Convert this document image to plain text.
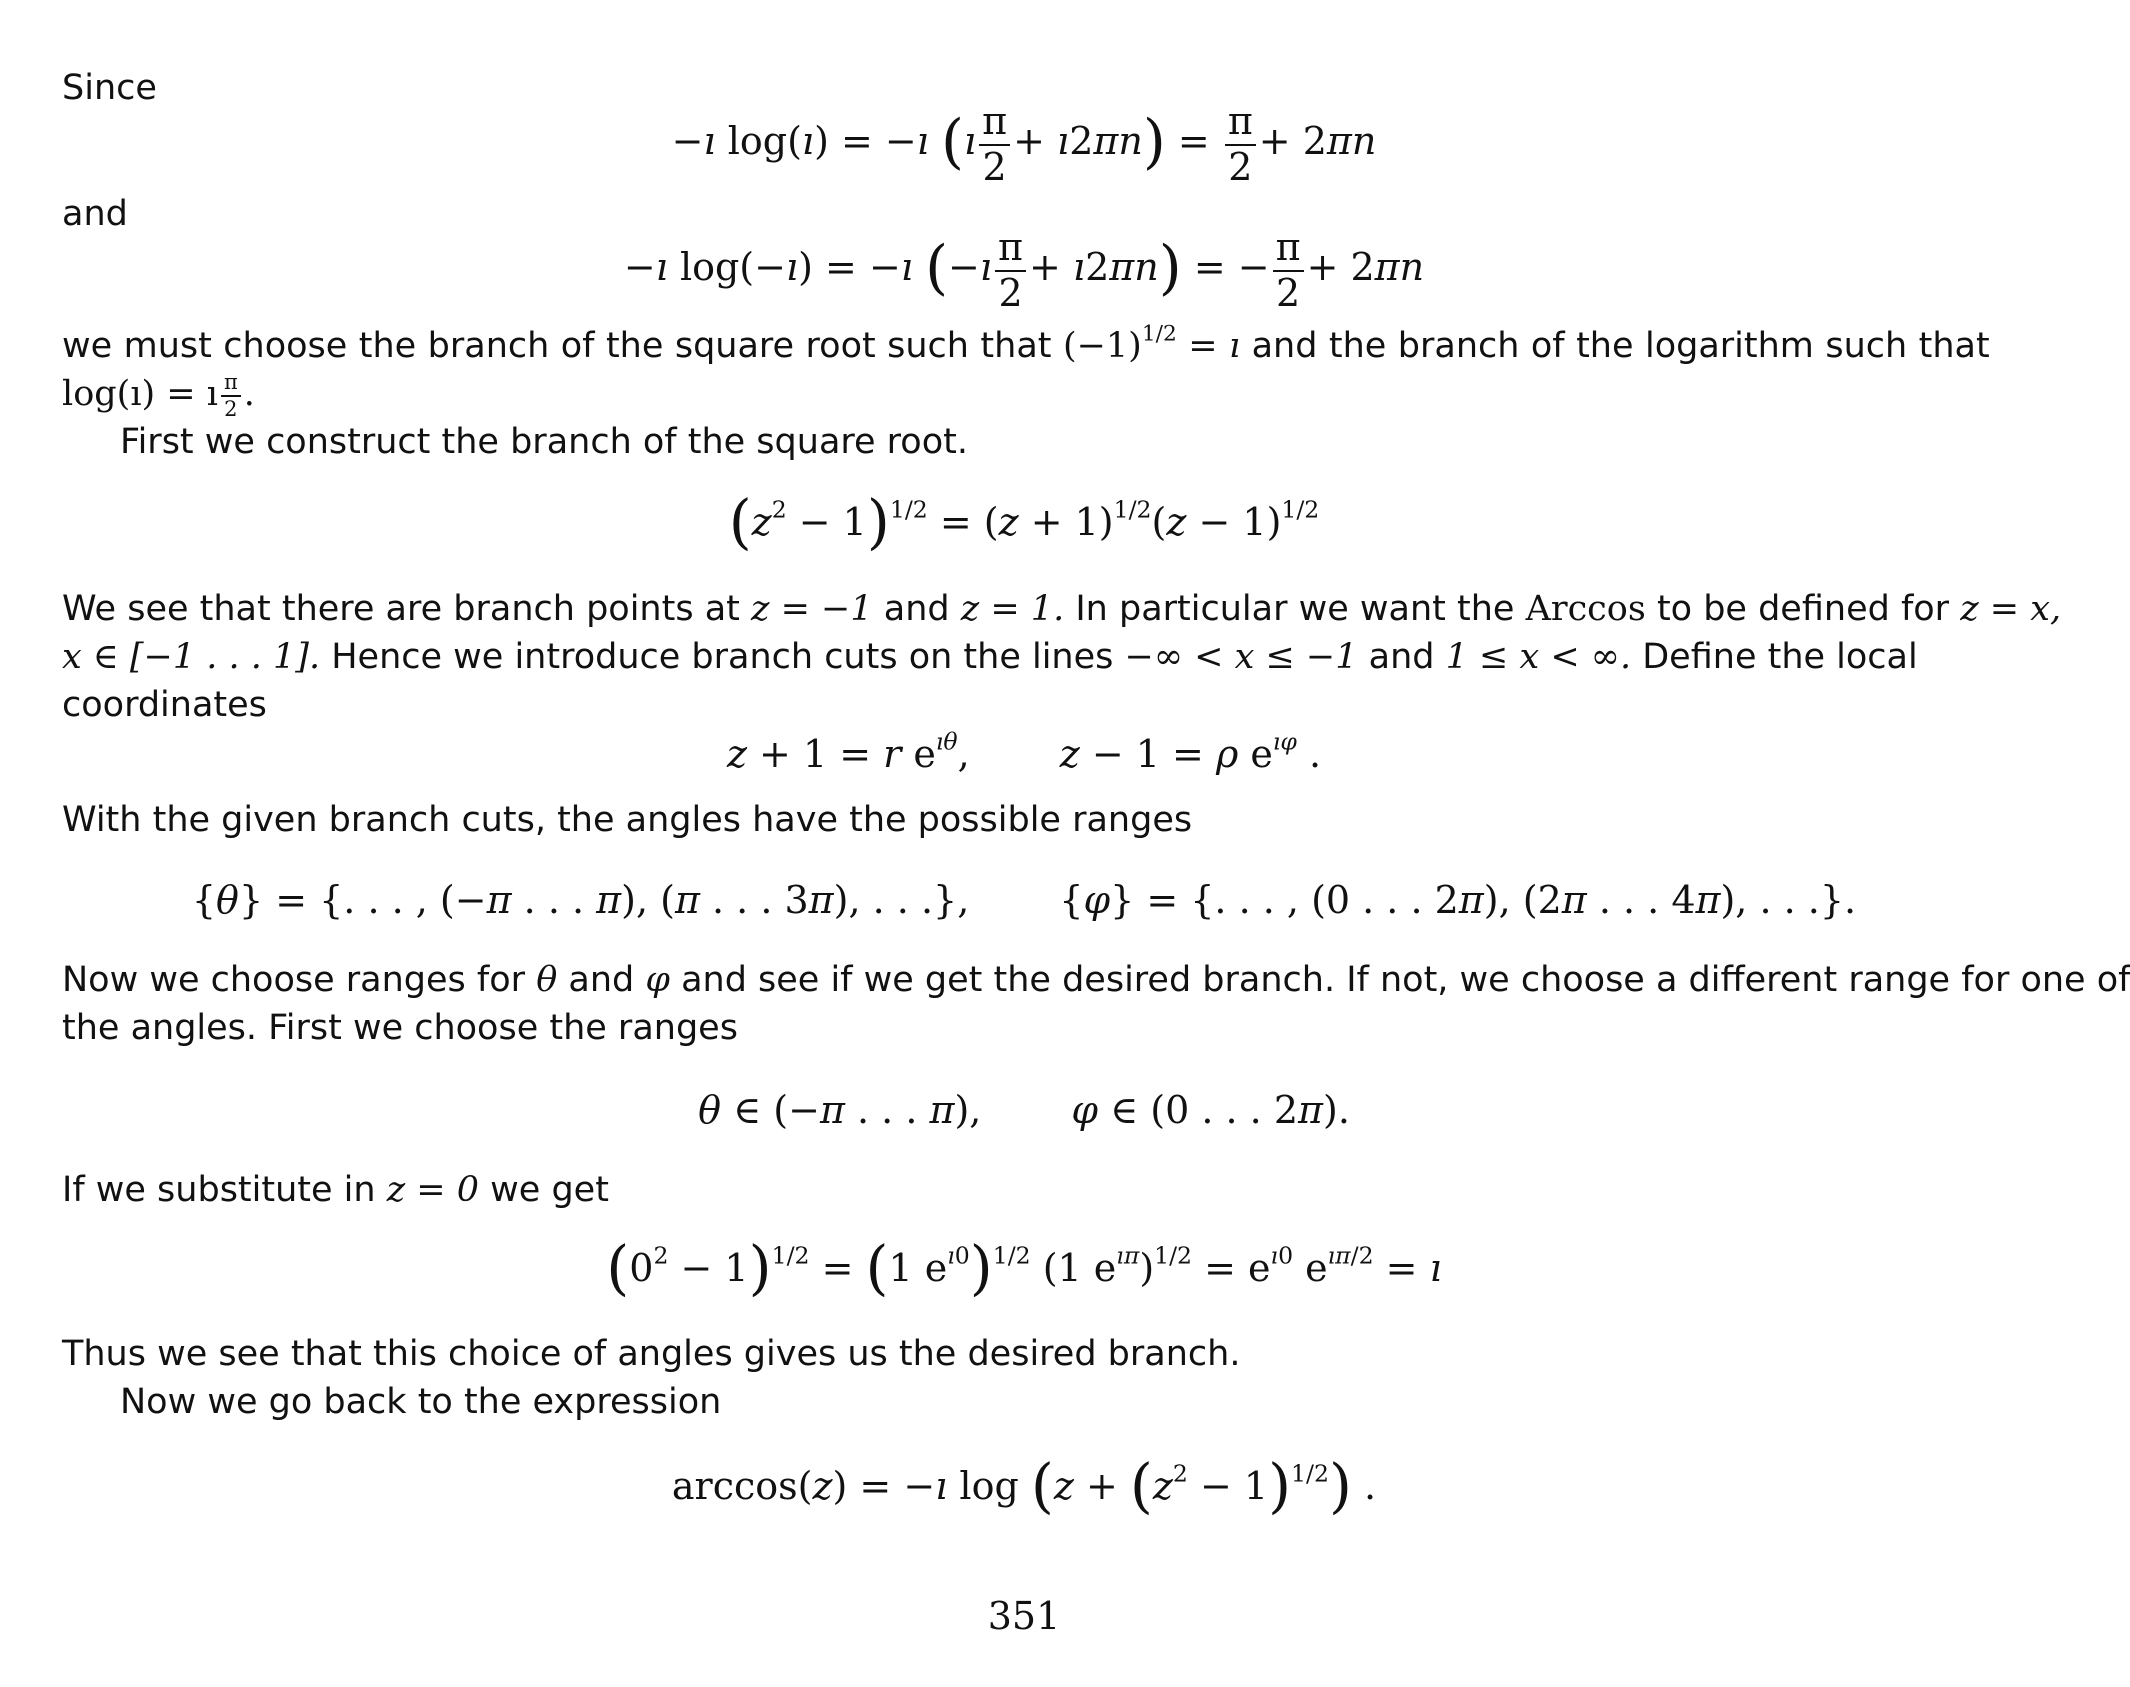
Since
−ı log(ı) = −ı (ı $\frac{\pi}{2}$ + ı2πn) = $\frac{\pi}{2} + 2\pi n$
and
−ı log(−ı) = −ı (−ı $\frac{\pi}{2}$ + ı2πn) = − $\frac{\pi}{2} + 2\pi n$
we must choose the branch of the square root such that $(-1)^{1/2}$ = ı and the branch of the logarithm such that
log(ı) = ı $\frac{\pi}{2}$ .
First we construct the branch of the square root.
$(z^2 - 1)^{1/2} = (z + 1)^{1/2}(z - 1)^{1/2}$
We see that there are branch points at z = −1 and z = 1. In particular we want the Arccos to be defined for z = x,
x ∈ [−1 . . . 1]. Hence we introduce branch cuts on the lines −∞ < x ≤ −1 and 1 ≤ x < ∞. Define the local
coordinates
z + 1 = r $e^{ı\theta}$, z − 1 = ρ $e^{ı\varphi}$ .
With the given branch cuts, the angles have the possible ranges
{θ} = {. . . , (−π . . . π), (π . . . 3π), . . .}, {φ} = {. . . , (0 . . . 2π), (2π . . . 4π), . . .}.
Now we choose ranges for θ and φ and see if we get the desired branch. If not, we choose a different range for one of
the angles. First we choose the ranges
θ ∈ (−π . . . π), φ ∈ (0 . . . 2π).
If we substitute in z = 0 we get
$(0^2 - 1)^{1/2} = (1$ $e^{ı0})^{1/2}$ (1 $e^{ı\pi})^{1/2} = e^{ı0}$ $e^{ı\pi/2}$ = ı
Thus we see that this choice of angles gives us the desired branch.
Now we go back to the expression
arccos(z) = −ı $\log (z + (z^2 - 1)^{1/2})$ .
351
